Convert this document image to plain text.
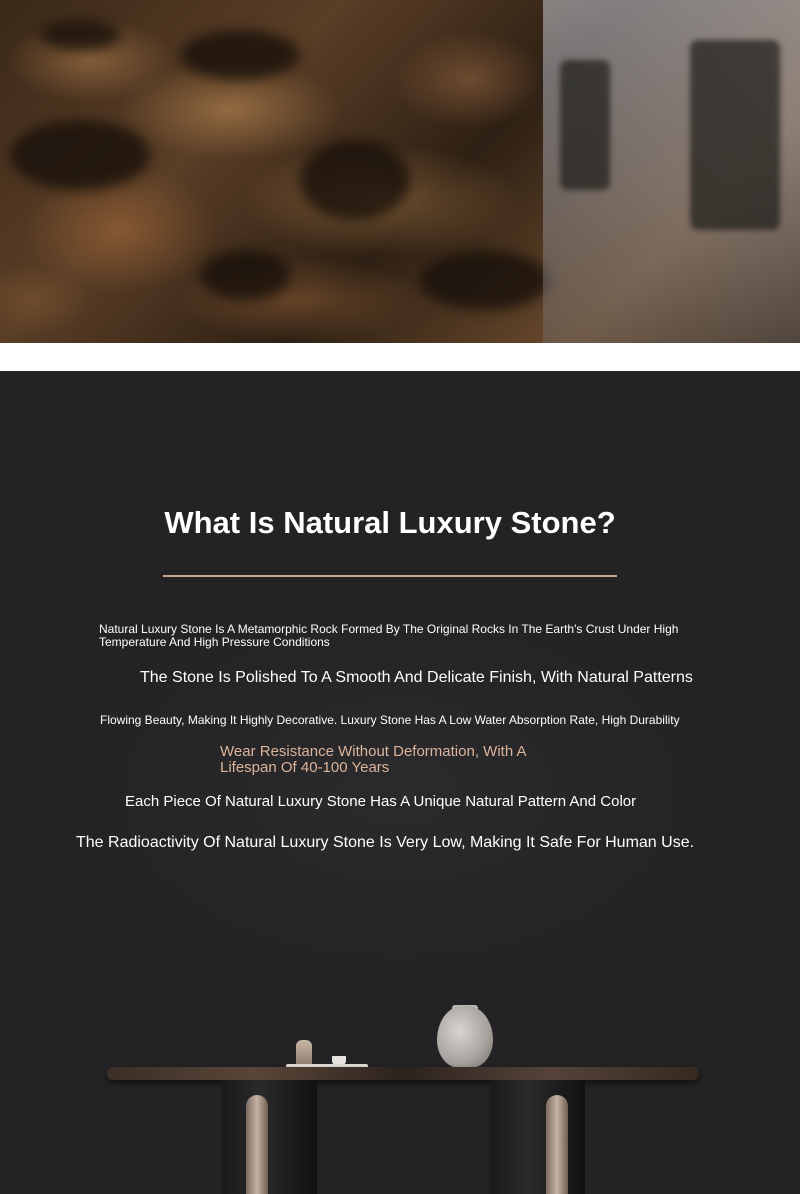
What Is Natural Luxury Stone?

Natural Luxury Stone Is A Metamorphic Rock Formed By The Original Rocks In The Earth's Crust Under High Temperature And High Pressure Conditions

The Stone Is Polished To A Smooth And Delicate Finish, With Natural Patterns

Flowing Beauty, Making It Highly Decorative. Luxury Stone Has A Low Water Absorption Rate, High Durability

Wear Resistance Without Deformation, With A Lifespan Of 40-100 Years

Each Piece Of Natural Luxury Stone Has A Unique Natural Pattern And Color

The Radioactivity Of Natural Luxury Stone Is Very Low, Making It Safe For Human Use.
